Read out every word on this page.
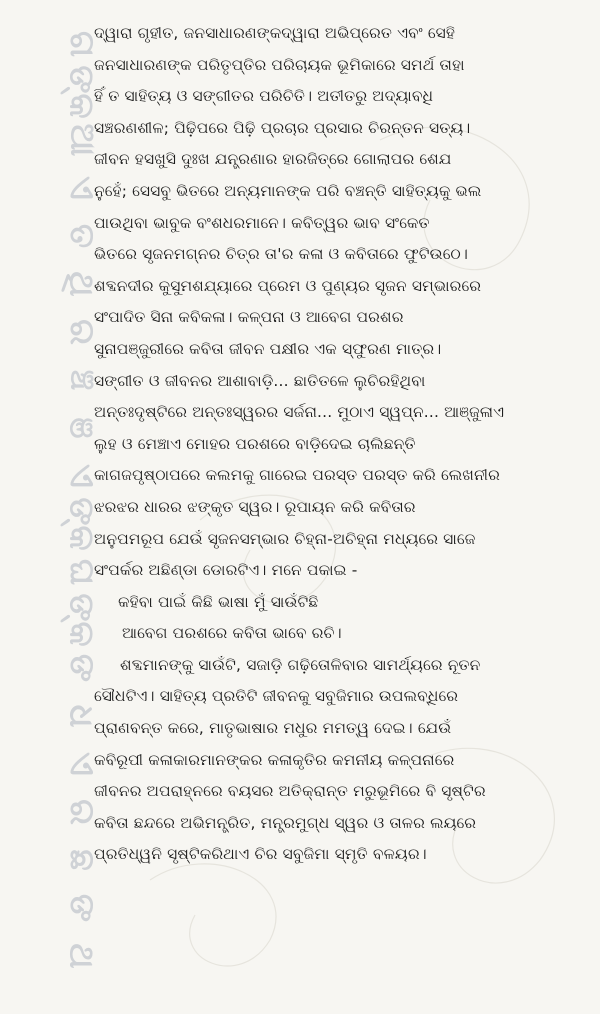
ଗ
ଙ୍କ
ଆ
ଏ
ତ
ଥି
ର
ଞ୍ଚ
ଞ
ଏ
ଙ୍କ
ଘ
ଙ୍କ
ଙ
ଧ
ଏ
ର
ଛ
ଙ
ଥ
ଦ୍ୱାରା ଗୃହୀତ, ଜନସାଧାରଣଙ୍କଦ୍ୱାରା ଅଭିପ୍ରେତ ଏବଂ ସେହି
ଜନସାଧାରଣଙ୍କ ପରିତୃପ୍ତିର ପରିଚାୟକ ଭୂମିକାରେ ସମର୍ଥ ତାହା
ହିଁ ତ ସାହିତ୍ୟ ଓ ସଙ୍ଗୀତର ପରିଚିତି। ଅତୀତରୁ ଅଦ୍ୟାବଧି
ସଞ୍ଚରଣଶୀଳ; ପିଢ଼ିପରେ ପିଢ଼ି ପ୍ରଚାର ପ୍ରସାର ଚିରନ୍ତନ ସତ୍ୟ।
ଜୀବନ ହସଖୁସି ଦୁଃଖ ଯନ୍ତ୍ରଣାର ହାରଜିତ୍‌ରେ ଗୋଲାପର ଶେଯ
ନୁହେଁ; ସେସବୁ ଭିତରେ ଅନ୍ୟମାନଙ୍କ ପରି ବଞ୍ଚନ୍ତି ସାହିତ୍ୟକୁ ଭଲ
ପାଉଥିବା ଭାବୁକ ବଂଶଧରମାନେ। କବିତ୍ୱର ଭାବ ସଂକେତ
ଭିତରେ ସୃଜନମଗ୍ନର ଚିତ୍ର ତା'ର କଳା ଓ କବିତାରେ ଫୁଟିଉଠେ।
ଶବ୍ଦନଦୀର କୁସୁମଶଯ୍ୟାରେ ପ୍ରେମ ଓ ପୁଣ୍ୟର ସୃଜନ ସମ୍ଭାରରେ
ସଂପାଦିତ ସିନା କବିକଳା। କଳ୍ପନା ଓ ଆବେଗ ପରଶର
ସୁନାପଞ୍ଜୁରୀରେ କବିତା ଜୀବନ ପକ୍ଷୀର ଏକ ସ୍ଫୁରଣ ମାତ୍ର।
ସଙ୍ଗୀତ ଓ ଜୀବନର ଆଶାବାଡ଼ି... ଛାତିତଳେ ଲୁଚିରହିଥିବା
ଅନ୍ତଃଦୃଷ୍ଟିରେ ଅନ୍ତଃସ୍ୱରର ସର୍ଜନା... ମୁଠାଏ ସ୍ୱପ୍ନ... ଆଞ୍ଜୁଳାଏ
ଲୁହ ଓ ମେଞ୍ଚାଏ ମୋହର ପରଶରେ ବାଡ଼ିଦେଇ ଚାଲିଛନ୍ତି
କାଗଜପୃଷ୍ଠାପରେ କଲମକୁ ଗାରେଇ ପରସ୍ତ ପରସ୍ତ କରି ଲେଖନୀର
ଝରଝର ଧାରର ଝଙ୍କୃତ ସ୍ୱର। ରୂପାୟନ କରି କବିତାର
ଅନୁପମରୂପ ଯେଉଁ ସୃଜନସମ୍ଭାର ଚିହ୍ନା-ଅଚିହ୍ନା ମଧ୍ୟରେ ସାଜେ
ସଂପର୍କର ଅଛିଣ୍ଡା ଡୋରଟିଏ। ମନେ ପକାଇ -
କହିବା ପାଇଁ କିଛି ଭାଷା ମୁଁ ସାଉଁଟିଛି
ଆବେଗ ପରଶରେ କବିତା ଭାବେ ରଚି।
ଶବ୍ଦମାନଙ୍କୁ ସାଉଁଟି, ସଜାଡ଼ି ଗଢ଼ିତୋଳିବାର ସାମର୍ଥ୍ୟରେ ନୂତନ
ସୌଧଟିଏ। ସାହିତ୍ୟ ପ୍ରତିଟି ଜୀବନକୁ ସବୁଜିମାର ଉପଲବ୍ଧିରେ
ପ୍ରାଣବନ୍ତ କରେ, ମାତୃଭାଷାର ମଧୁର ମମତ୍ୱ ଦେଇ। ଯେଉଁ
କବିରୂପୀ କଳାକାରମାନଙ୍କର କଳାକୃତିର କମନୀୟ କଳ୍ପନାରେ
ଜୀବନର ଅପରାହ୍ନରେ ବୟସର ଅତିକ୍ରାନ୍ତ ମରୁଭୂମିରେ ବି ସୃଷ୍ଟିର
କବିତା ଛନ୍ଦରେ ଅଭିମନ୍ତ୍ରିତ, ମନ୍ତ୍ରମୁଗ୍ଧ ସ୍ୱର ଓ ତାଳର ଲୟରେ
ପ୍ରତିଧ୍ୱନି ସୃଷ୍ଟିକରିଥାଏ ଚିର ସବୁଜିମା ସ୍ମୃତି ବଳୟର।
